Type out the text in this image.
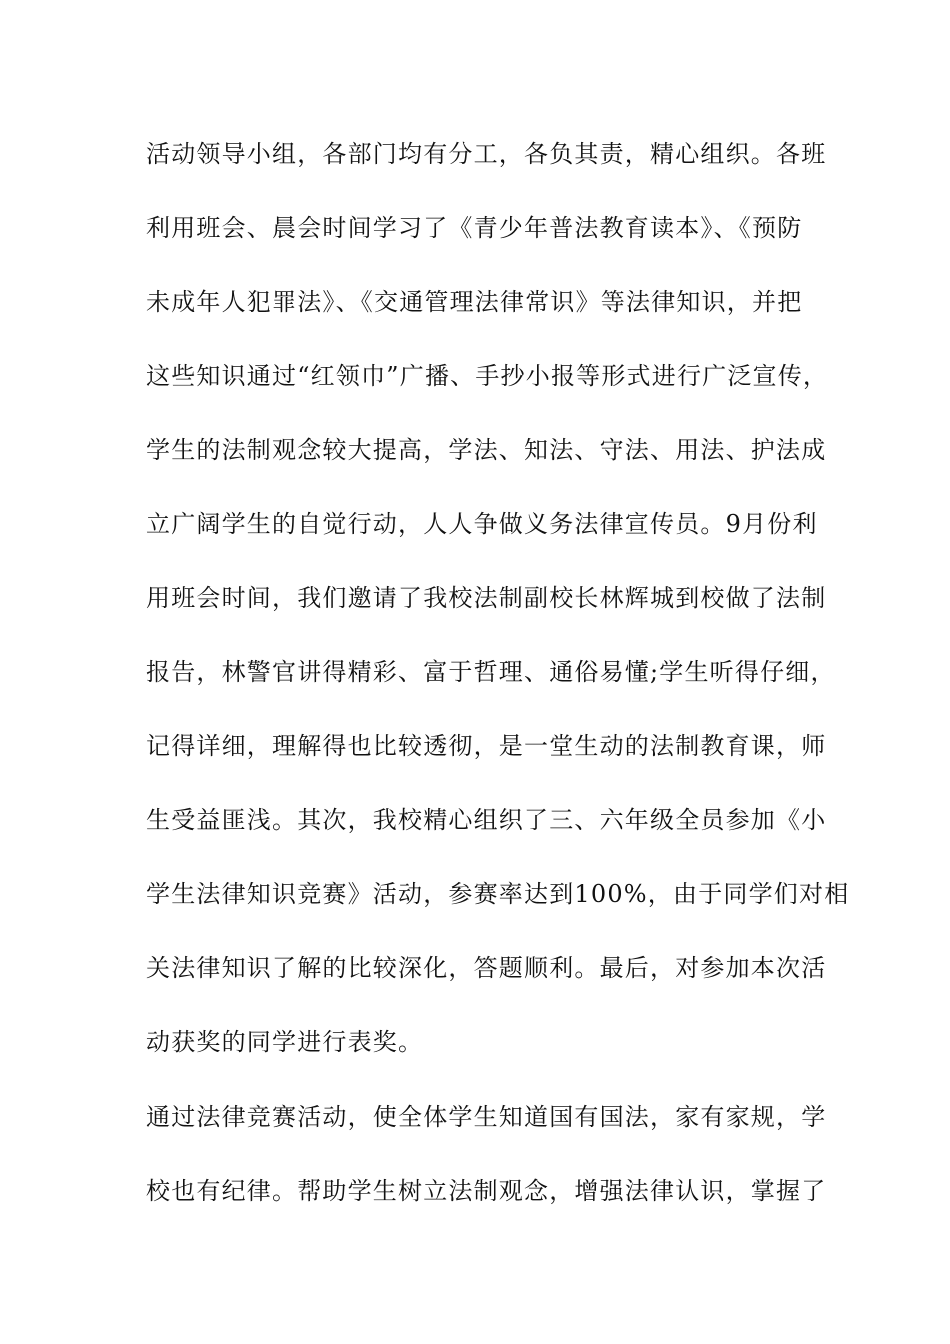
活动领导小组，各部门均有分工，各负其责，精心组织。各班
利用班会、晨会时间学习了《青少年普法教育读本》、《预防
未成年人犯罪法》、《交通管理法律常识》等法律知识，并把
这些知识通过“红领巾”广播、手抄小报等形式进行广泛宣传，
学生的法制观念较大提高，学法、知法、守法、用法、护法成
立广阔学生的自觉行动，人人争做义务法律宣传员。9月份利
用班会时间，我们邀请了我校法制副校长林辉城到校做了法制
报告，林警官讲得精彩、富于哲理、通俗易懂;学生听得仔细，
记得详细，理解得也比较透彻，是一堂生动的法制教育课，师
生受益匪浅。其次，我校精心组织了三、六年级全员参加《小
学生法律知识竞赛》活动，参赛率达到100%，由于同学们对相
关法律知识了解的比较深化，答题顺利。最后，对参加本次活
动获奖的同学进行表奖。
通过法律竞赛活动，使全体学生知道国有国法，家有家规，学
校也有纪律。帮助学生树立法制观念，增强法律认识，掌握了
